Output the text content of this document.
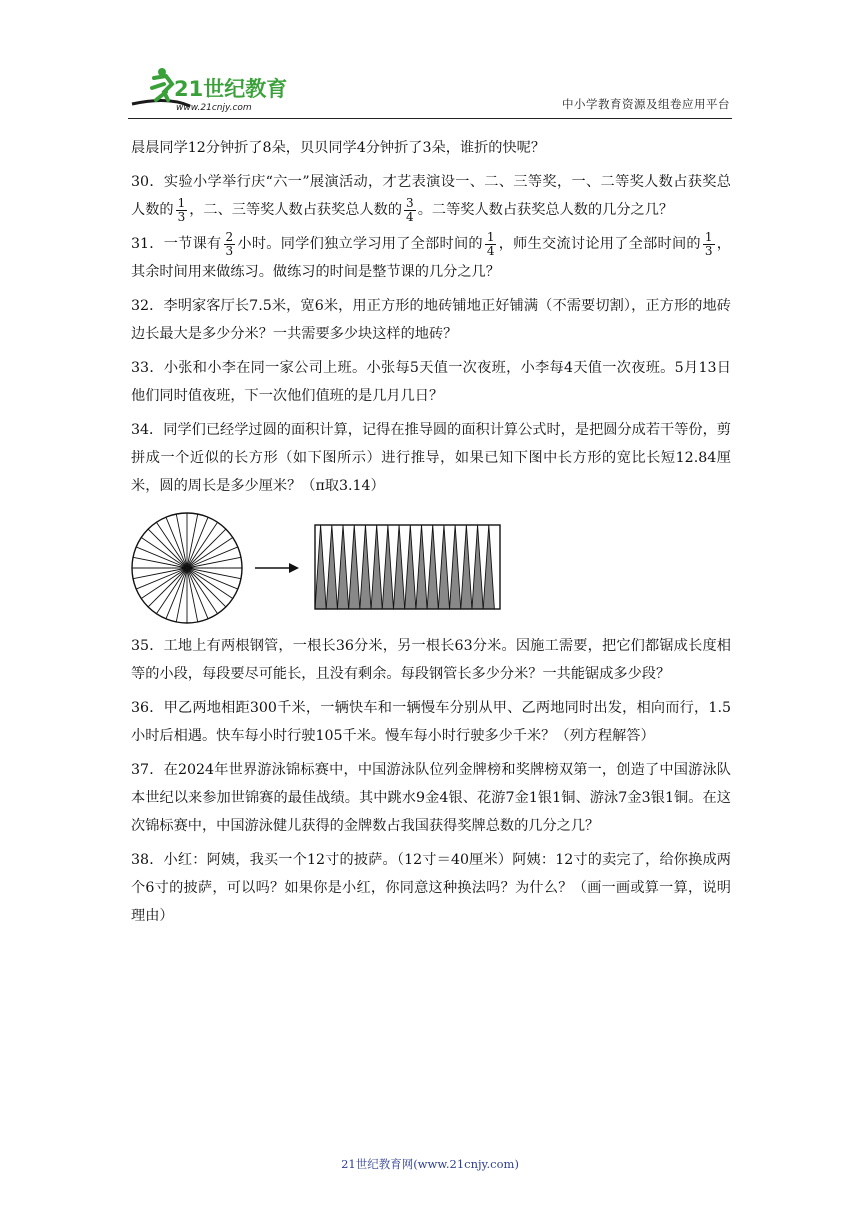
21世纪教育
www.21cnjy.com	中小学教育资源及组卷应用平台

晨晨同学12分钟折了8朵，贝贝同学4分钟折了3朵，谁折的快呢？

30．实验小学举行庆“六一”展演活动，才艺表演设一、二、三等奖，一、二等奖人数占获奖总人数的 $\frac{1}{3}$ ，二、三等奖人数占获奖总人数的 $\frac{3}{4}$ 。二等奖人数占获奖总人数的几分之几？

31．一节课有 $\frac{2}{3}$ 小时。同学们独立学习用了全部时间的 $\frac{1}{4}$ ，师生交流讨论用了全部时间的 $\frac{1}{3}$ ，其余时间用来做练习。做练习的时间是整节课的几分之几？

32．李明家客厅长7.5米，宽6米，用正方形的地砖铺地正好铺满（不需要切割），正方形的地砖边长最大是多少分米？一共需要多少块这样的地砖？

33．小张和小李在同一家公司上班。小张每5天值一次夜班，小李每4天值一次夜班。5月13日他们同时值夜班，下一次他们值班的是几月几日？

34．同学们已经学过圆的面积计算，记得在推导圆的面积计算公式时，是把圆分成若干等份，剪拼成一个近似的长方形（如下图所示）进行推导，如果已知下图中长方形的宽比长短12.84厘米，圆的周长是多少厘米？（π取3.14）

35．工地上有两根钢管，一根长36分米，另一根长63分米。因施工需要，把它们都锯成长度相等的小段，每段要尽可能长，且没有剩余。每段钢管长多少分米？一共能锯成多少段？

36．甲乙两地相距300千米，一辆快车和一辆慢车分别从甲、乙两地同时出发，相向而行，1.5小时后相遇。快车每小时行驶105千米。慢车每小时行驶多少千米？（列方程解答）

37．在2024年世界游泳锦标赛中，中国游泳队位列金牌榜和奖牌榜双第一，创造了中国游泳队本世纪以来参加世锦赛的最佳战绩。其中跳水9金4银、花游7金1银1铜、游泳7金3银1铜。在这次锦标赛中，中国游泳健儿获得的金牌数占我国获得奖牌总数的几分之几？

38．小红：阿姨，我买一个12寸的披萨。（12寸＝40厘米）阿姨：12寸的卖完了，给你换成两个6寸的披萨，可以吗？如果你是小红，你同意这种换法吗？为什么？（画一画或算一算，说明理由）

21世纪教育网(www.21cnjy.com)
